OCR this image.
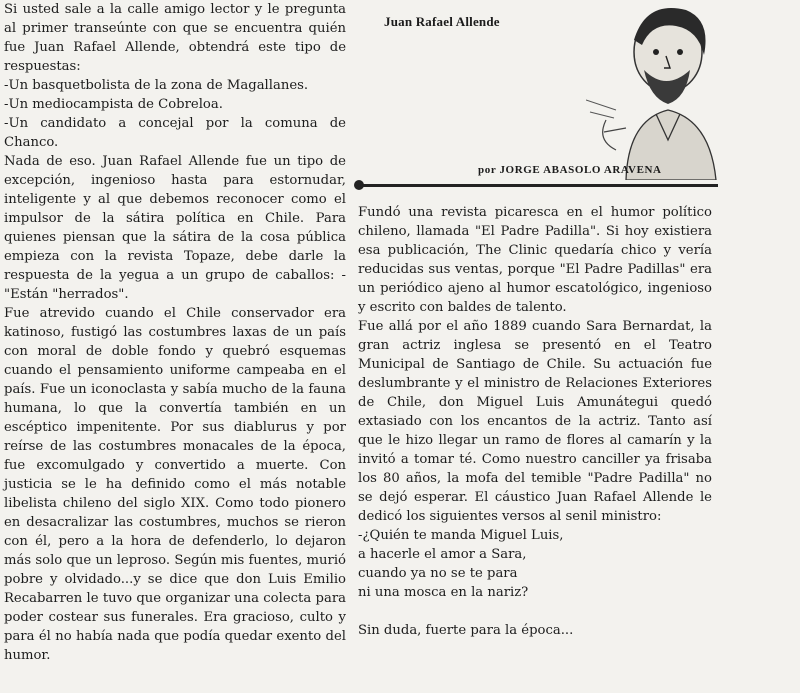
Si usted sale a la calle amigo lector y le pregunta al primer transeúnte con que se encuentra quién fue Juan Rafael Allende, obtendrá este tipo de respuestas:

-Un basquetbolista de la zona de Magallanes.

-Un mediocampista de Cobreloa.

-Un candidato a concejal por la comuna de Chanco.

Nada de eso. Juan Rafael Allende fue un tipo de excepción, ingenioso hasta para estornudar, inteligente y al que debemos reconocer como el impulsor de la sátira política en Chile. Para quienes piensan que la sátira de la cosa pública empieza con la revista Topaze, debe darle la respuesta de la yegua a un grupo de caballos: -"Están "herrados".

Fue atrevido cuando el Chile conservador era katinoso, fustigó las costumbres laxas de un país con moral de doble fondo y quebró esquemas cuando el pensamiento uniforme campeaba en el país. Fue un iconoclasta y sabía mucho de la fauna humana, lo que la convertía también en un escéptico impenitente. Por sus diablurus y por reírse de las costumbres monacales de la época, fue excomulgado y convertido a muerte. Con justicia se le ha definido como el más notable libelista chileno del siglo XIX. Como todo pionero en desacralizar las costumbres, muchos se rieron con él, pero a la hora de defenderlo, lo dejaron más solo que un leproso. Según mis fuentes, murió pobre y olvidado...y se dice que don Luis Emilio Recabarren le tuvo que organizar una colecta para poder costear sus funerales. Era gracioso, culto y para él no había nada que podía quedar exento del humor.

Juan Rafael Allende
por JORGE ABASOLO ARAVENA

Fundó una revista picaresca en el humor político chileno, llamada "El Padre Padilla". Si hoy existiera esa publicación, The Clinic quedaría chico y vería reducidas sus ventas, porque "El Padre Padillas" era un periódico ajeno al humor escatológico, ingenioso y escrito con baldes de talento.

Fue allá por el año 1889 cuando Sara Bernardat, la gran actriz inglesa se presentó en el Teatro Municipal de Santiago de Chile. Su actuación fue deslumbrante y el ministro de Relaciones Exteriores de Chile, don Miguel Luis Amunátegui quedó extasiado con los encantos de la actriz. Tanto así que le hizo llegar un ramo de flores al camarín y la invitó a tomar té. Como nuestro canciller ya frisaba los 80 años, la mofa del temible "Padre Padilla" no se dejó esperar. El cáustico Juan Rafael Allende le dedicó los siguientes versos al senil ministro:

-¿Quién te manda Miguel Luis,

a hacerle el amor a Sara,

cuando ya no se te para

ni una mosca en la nariz?

Sin duda, fuerte para la época...
